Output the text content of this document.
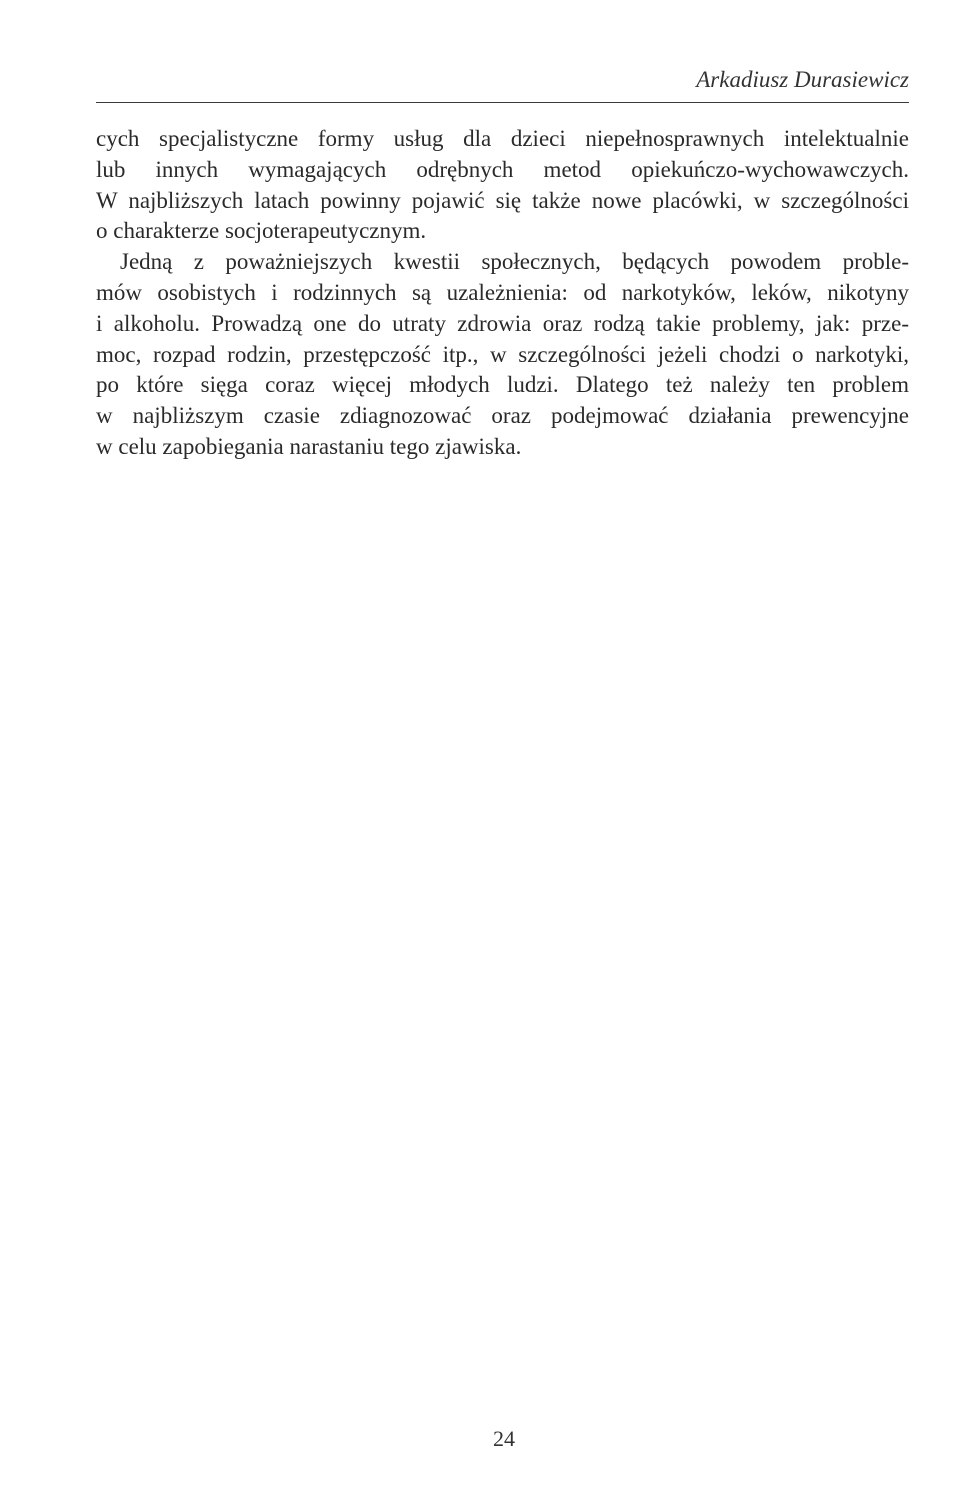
Arkadiusz Durasiewicz
cych specjalistyczne formy usług dla dzieci niepełnosprawnych intelektualnie
lub innych wymagających odrębnych metod opiekuńczo-wychowawczych.
W najbliższych latach powinny pojawić się także nowe placówki, w szczególności
o charakterze socjoterapeutycznym.
Jedną z poważniejszych kwestii społecznych, będących powodem proble-
mów osobistych i rodzinnych są uzależnienia: od narkotyków, leków, nikotyny
i alkoholu. Prowadzą one do utraty zdrowia oraz rodzą takie problemy, jak: prze-
moc, rozpad rodzin, przestępczość itp., w szczególności jeżeli chodzi o narkotyki,
po które sięga coraz więcej młodych ludzi. Dlatego też należy ten problem
w najbliższym czasie zdiagnozować oraz podejmować działania prewencyjne
w celu zapobiegania narastaniu tego zjawiska.
24
